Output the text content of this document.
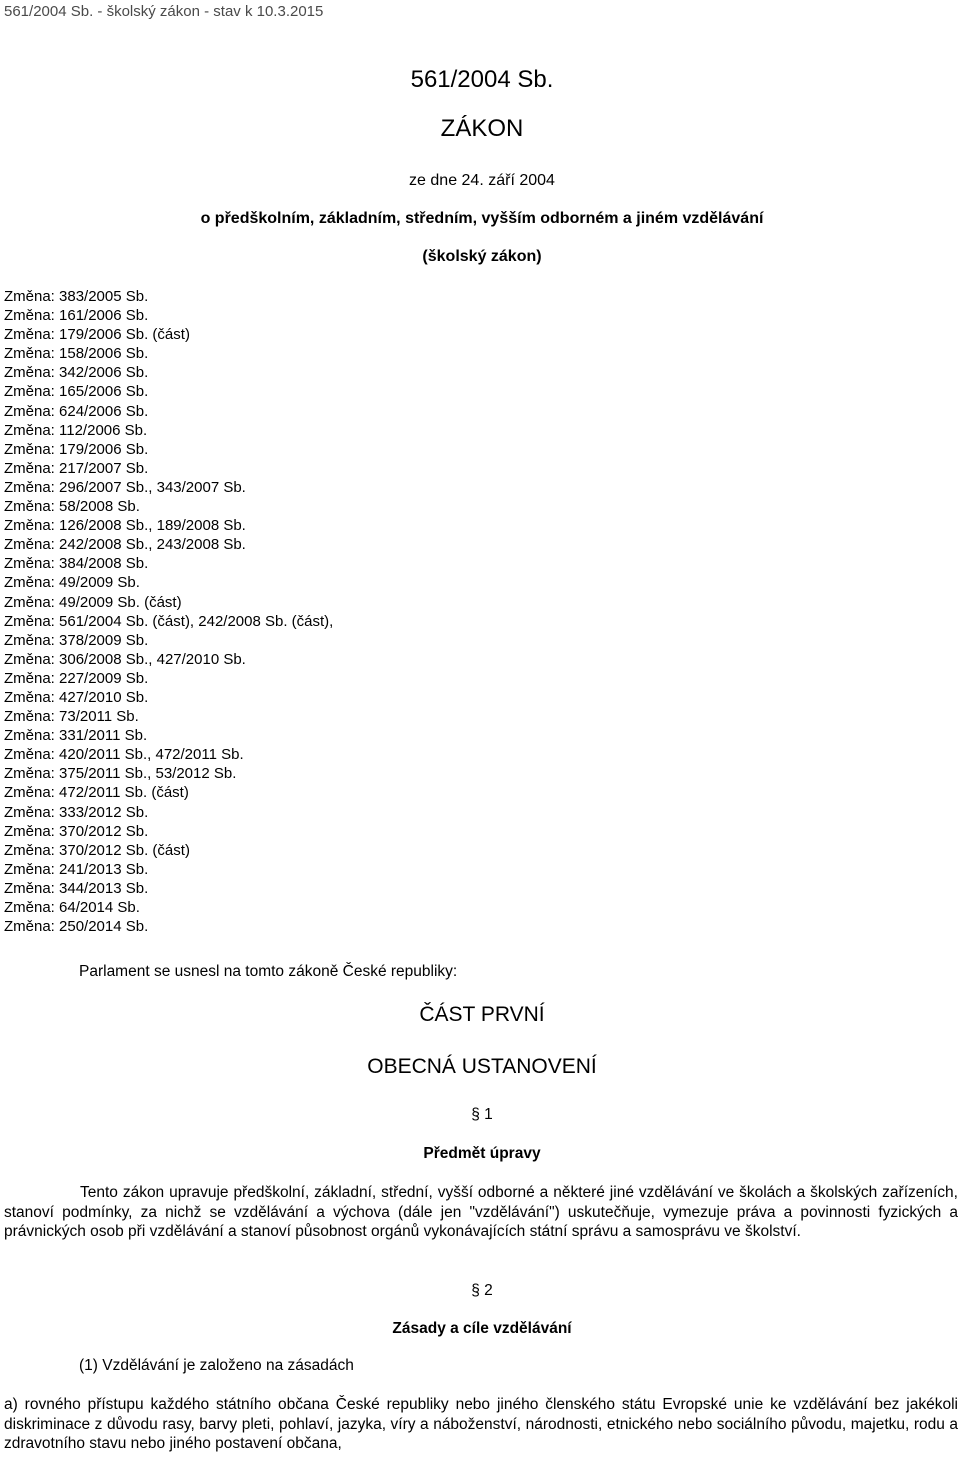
561/2004 Sb. - školský zákon - stav k 10.3.2015
561/2004 Sb.
ZÁKON
ze dne 24. září 2004
o předškolním, základním, středním, vyšším odborném a jiném vzdělávání
(školský zákon)
Změna: 383/2005 Sb.
Změna: 161/2006 Sb.
Změna: 179/2006 Sb. (část)
Změna: 158/2006 Sb.
Změna: 342/2006 Sb.
Změna: 165/2006 Sb.
Změna: 624/2006 Sb.
Změna: 112/2006 Sb.
Změna: 179/2006 Sb.
Změna: 217/2007 Sb.
Změna: 296/2007 Sb., 343/2007 Sb.
Změna: 58/2008 Sb.
Změna: 126/2008 Sb., 189/2008 Sb.
Změna: 242/2008 Sb., 243/2008 Sb.
Změna: 384/2008 Sb.
Změna: 49/2009 Sb.
Změna: 49/2009 Sb. (část)
Změna: 561/2004 Sb. (část), 242/2008 Sb. (část),
Změna: 378/2009 Sb.
Změna: 306/2008 Sb., 427/2010 Sb.
Změna: 227/2009 Sb.
Změna: 427/2010 Sb.
Změna: 73/2011 Sb.
Změna: 331/2011 Sb.
Změna: 420/2011 Sb., 472/2011 Sb.
Změna: 375/2011 Sb., 53/2012 Sb.
Změna: 472/2011 Sb. (část)
Změna: 333/2012 Sb.
Změna: 370/2012 Sb.
Změna: 370/2012 Sb. (část)
Změna: 241/2013 Sb.
Změna: 344/2013 Sb.
Změna: 64/2014 Sb.
Změna: 250/2014 Sb.
Parlament se usnesl na tomto zákoně České republiky:
ČÁST PRVNÍ
OBECNÁ USTANOVENÍ
§ 1
Předmět úpravy

Tento zákon upravuje předškolní, základní, střední, vyšší odborné a některé jiné vzdělávání ve školách a školských zařízeních, stanoví podmínky, za nichž se vzdělávání a výchova (dále jen "vzdělávání") uskutečňuje, vymezuje práva a povinnosti fyzických a právnických osob při vzdělávání a stanoví působnost orgánů vykonávajících státní správu a samosprávu ve školství.

§ 2
Zásady a cíle vzdělávání
(1) Vzdělávání je založeno na zásadách

a) rovného přístupu každého státního občana České republiky nebo jiného členského státu Evropské unie ke vzdělávání bez jakékoli diskriminace z důvodu rasy, barvy pleti, pohlaví, jazyka, víry a náboženství, národnosti, etnického nebo sociálního původu, majetku, rodu a zdravotního stavu nebo jiného postavení občana,
